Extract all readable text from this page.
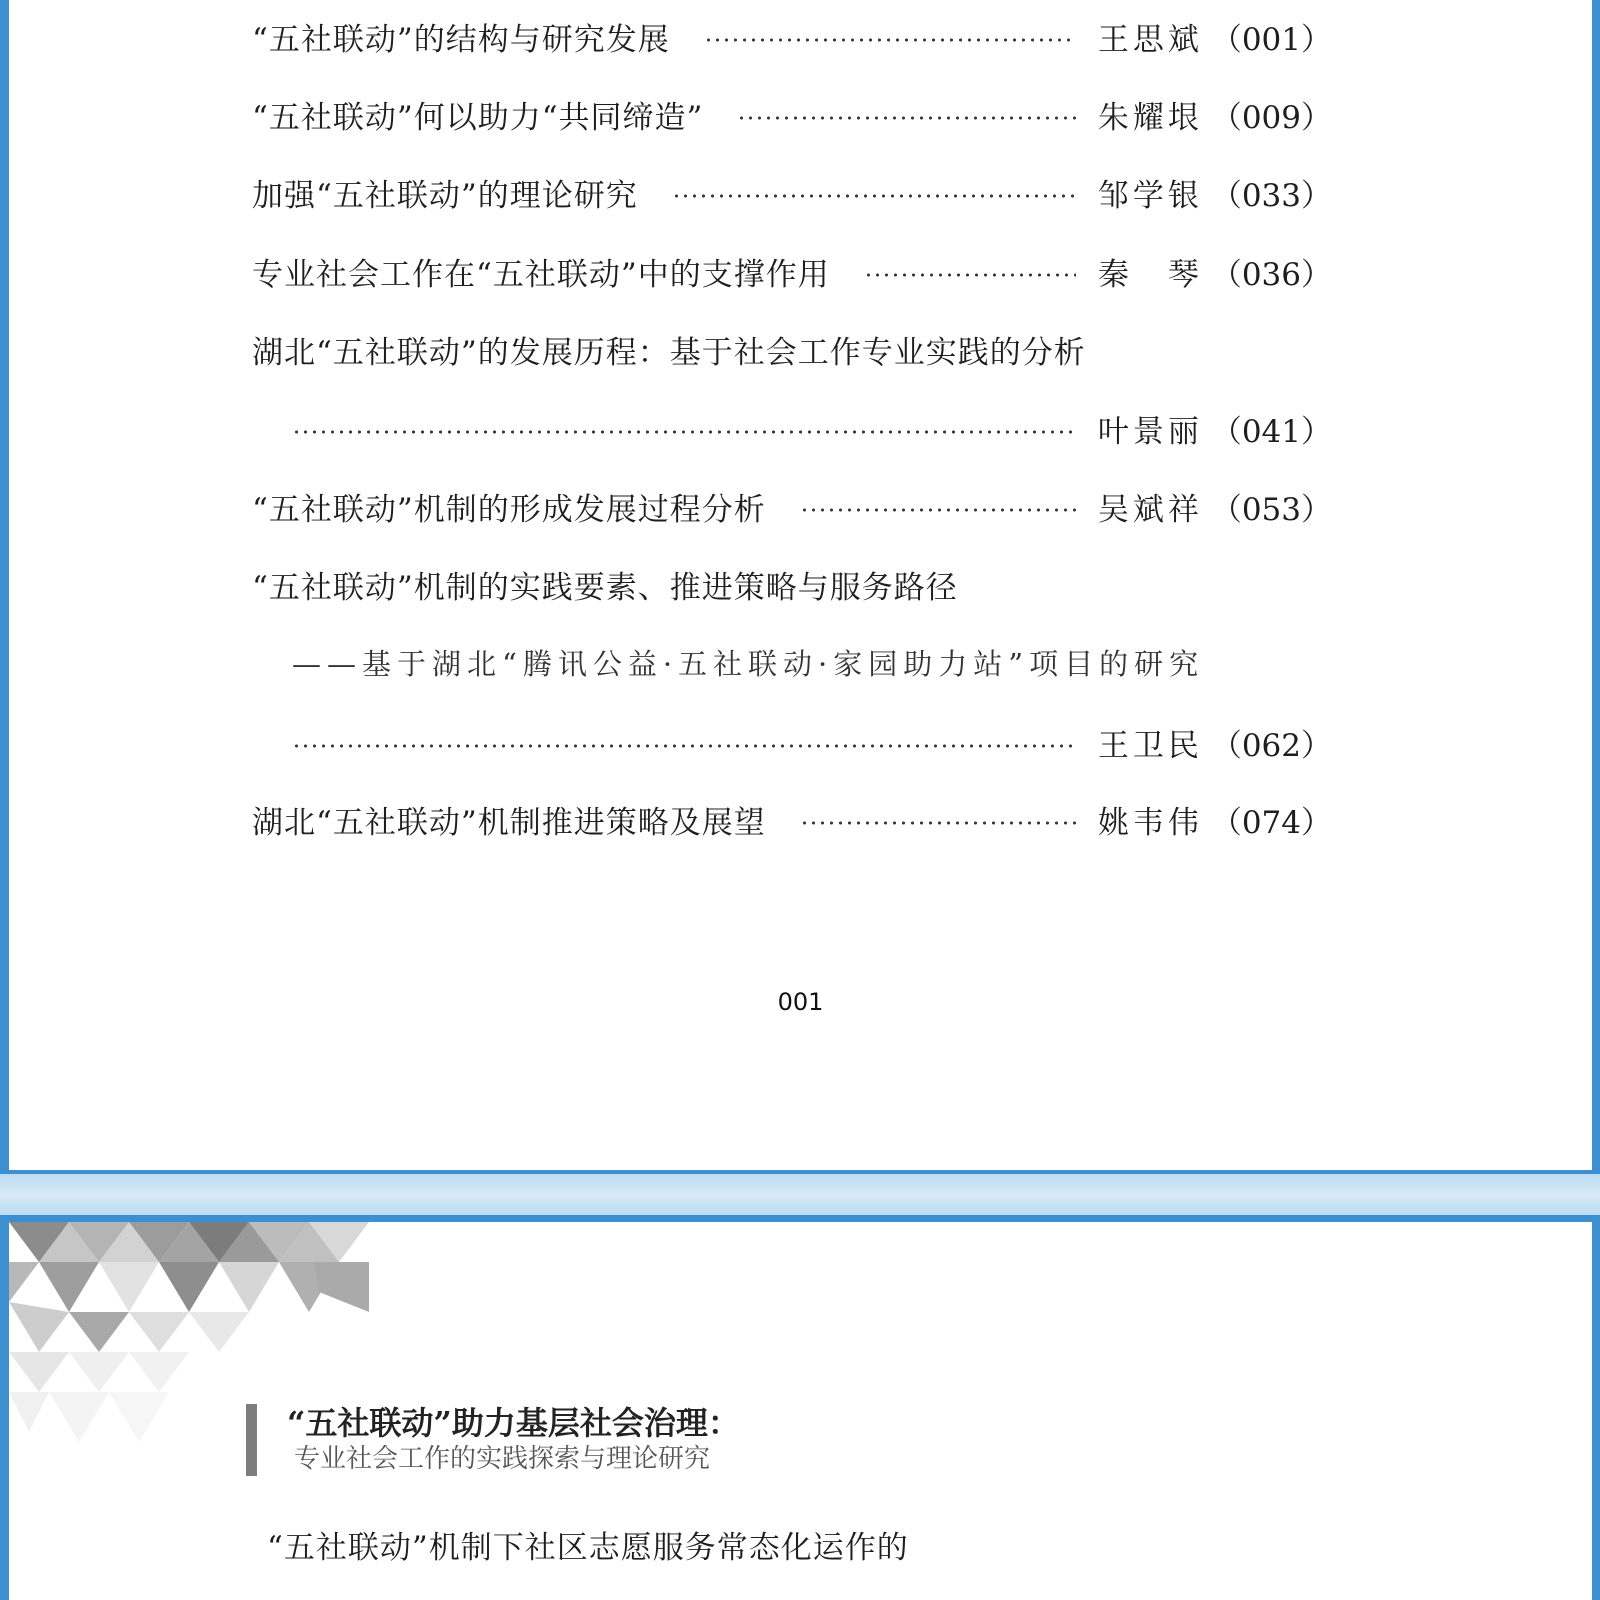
“五社联动”的结构与研究发展	王思斌 （001）
“五社联动”何以助力“共同缔造”	朱耀垠 （009）
加强“五社联动”的理论研究	邹学银 （033）
专业社会工作在“五社联动”中的支撑作用	秦　琴 （036）
湖北“五社联动”的发展历程：基于社会工作专业实践的分析
叶景丽 （041）
“五社联动”机制的形成发展过程分析	吴斌祥 （053）
“五社联动”机制的实践要素、推进策略与服务路径
——基于湖北“腾讯公益·五社联动·家园助力站”项目的研究
王卫民 （062）
湖北“五社联动”机制推进策略及展望	姚韦伟 （074）
001
“五社联动”助力基层社会治理：
专业社会工作的实践探索与理论研究
“五社联动”机制下社区志愿服务常态化运作的
